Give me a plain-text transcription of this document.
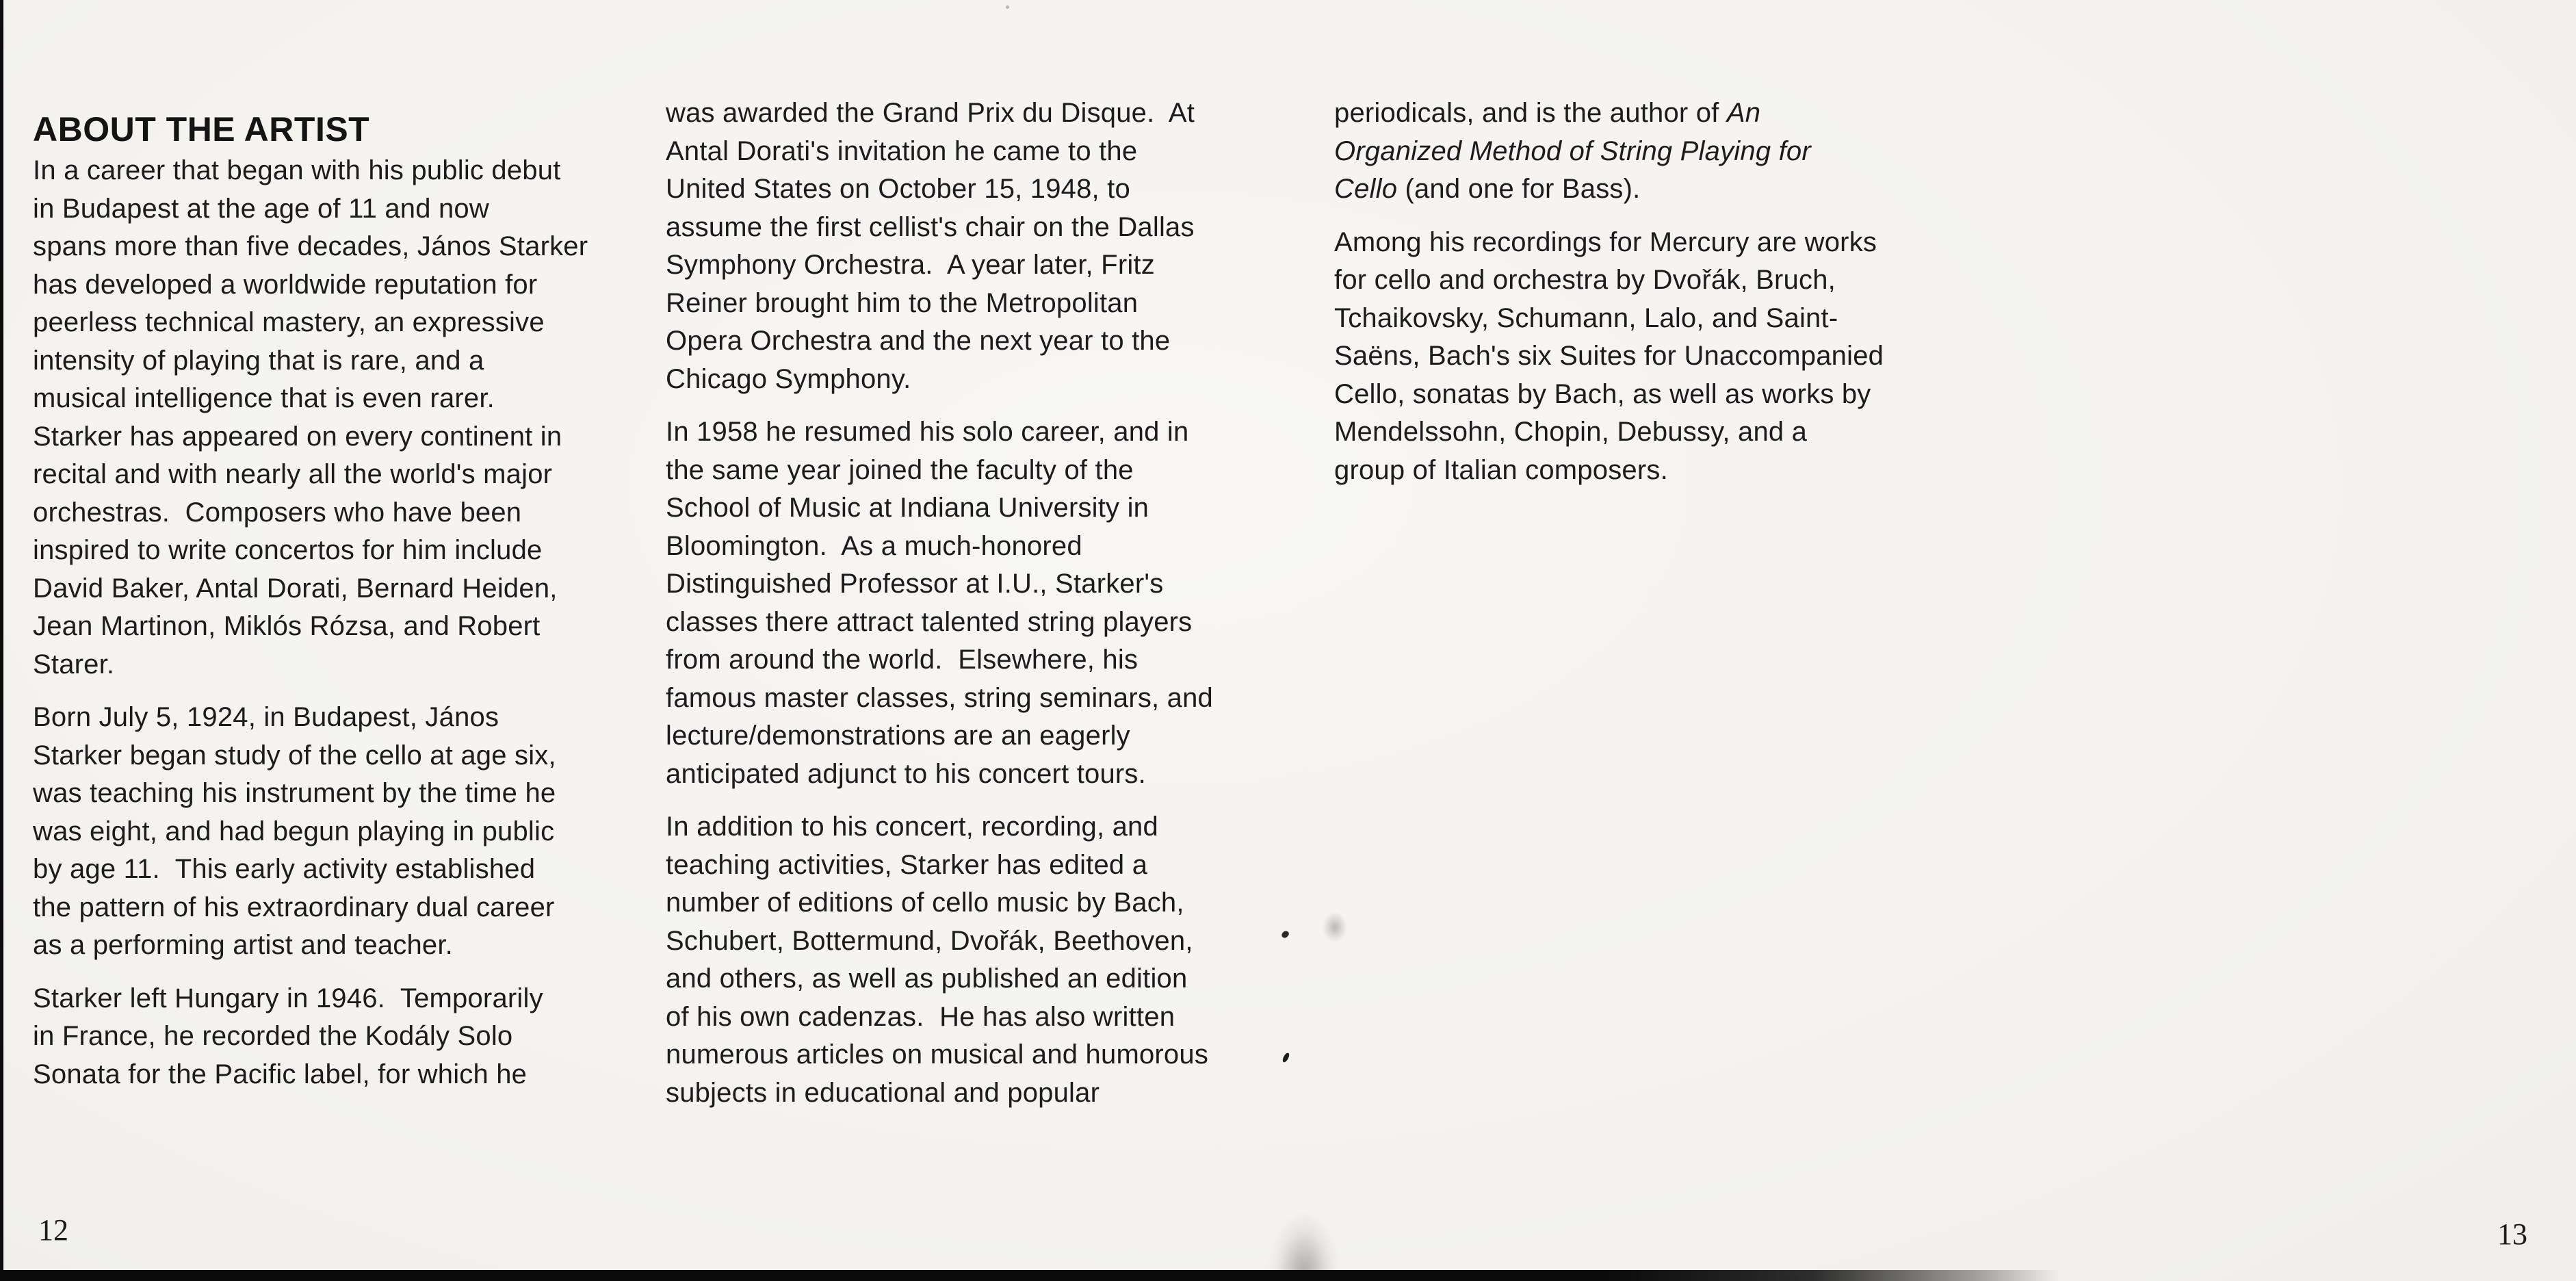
ABOUT THE ARTIST
In a career that began with his public debut
in Budapest at the age of 11 and now
spans more than five decades, János Starker
has developed a worldwide reputation for
peerless technical mastery, an expressive
intensity of playing that is rare, and a
musical intelligence that is even rarer.
Starker has appeared on every continent in
recital and with nearly all the world's major
orchestras.  Composers who have been
inspired to write concertos for him include
David Baker, Antal Dorati, Bernard Heiden,
Jean Martinon, Miklós Rózsa, and Robert
Starer.
Born July 5, 1924, in Budapest, János
Starker began study of the cello at age six,
was teaching his instrument by the time he
was eight, and had begun playing in public
by age 11.  This early activity established
the pattern of his extraordinary dual career
as a performing artist and teacher.
Starker left Hungary in 1946.  Temporarily
in France, he recorded the Kodály Solo
Sonata for the Pacific label, for which he
was awarded the Grand Prix du Disque.  At
Antal Dorati's invitation he came to the
United States on October 15, 1948, to
assume the first cellist's chair on the Dallas
Symphony Orchestra.  A year later, Fritz
Reiner brought him to the Metropolitan
Opera Orchestra and the next year to the
Chicago Symphony.
In 1958 he resumed his solo career, and in
the same year joined the faculty of the
School of Music at Indiana University in
Bloomington.  As a much-honored
Distinguished Professor at I.U., Starker's
classes there attract talented string players
from around the world.  Elsewhere, his
famous master classes, string seminars, and
lecture/demonstrations are an eagerly
anticipated adjunct to his concert tours.
In addition to his concert, recording, and
teaching activities, Starker has edited a
number of editions of cello music by Bach,
Schubert, Bottermund, Dvořák, Beethoven,
and others, as well as published an edition
of his own cadenzas.  He has also written
numerous articles on musical and humorous
subjects in educational and popular
periodicals, and is the author of An
Organized Method of String Playing for
Cello (and one for Bass).
Among his recordings for Mercury are works
for cello and orchestra by Dvořák, Bruch,
Tchaikovsky, Schumann, Lalo, and Saint-
Saëns, Bach's six Suites for Unaccompanied
Cello, sonatas by Bach, as well as works by
Mendelssohn, Chopin, Debussy, and a
group of Italian composers.
12	13
